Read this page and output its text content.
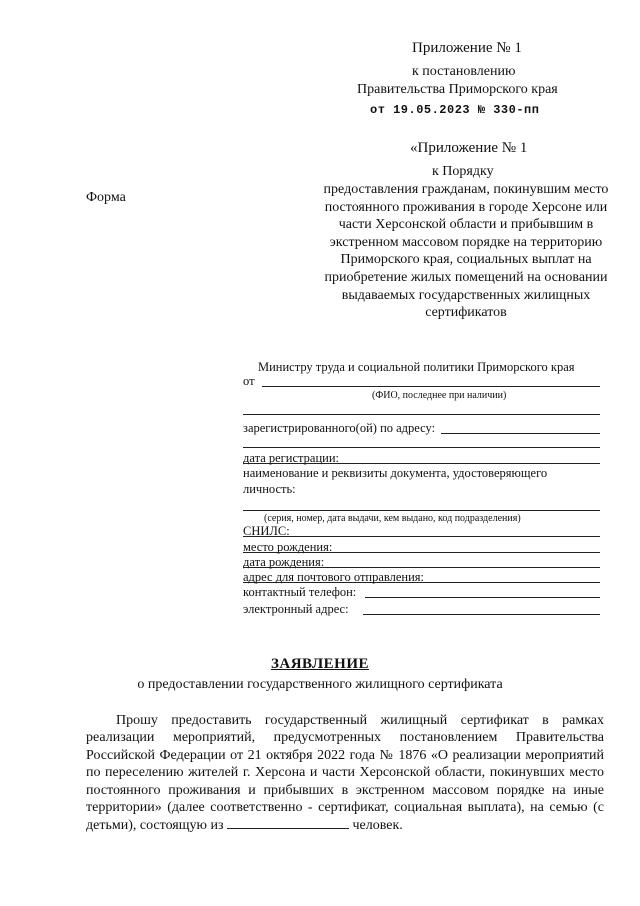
Приложение № 1
к постановлению
Правительства Приморского края
от 19.05.2023 № 330-пп
«Приложение № 1
к Порядку
Форма
предоставления гражданам, покинувшим место постоянного проживания в городе Херсоне или части Херсонской области и прибывшим в экстренном массовом порядке на территорию Приморского края, социальных выплат на приобретение жилых помещений на основании выдаваемых государственных жилищных сертификатов
Министру труда и социальной политики Приморского края
от
(ФИО, последнее при наличии)
зарегистрированного(ой) по адресу:
дата регистрации:
наименование и реквизиты документа, удостоверяющего
личность:
(серия, номер, дата выдачи, кем выдано, код подразделения)
СНИЛС:
место рождения:
дата рождения:
адрес для почтового отправления:
контактный телефон:
электронный адрес:
ЗАЯВЛЕНИЕ
о предоставлении государственного жилищного сертификата
Прошу предоставить государственный жилищный сертификат в рамках реализации мероприятий, предусмотренных постановлением Правительства Российской Федерации от 21 октября 2022 года № 1876 «О реализации мероприятий по переселению жителей г. Херсона и части Херсонской области, покинувших место постоянного проживания и прибывших в экстренном массовом порядке на иные территории» (далее соответственно - сертификат, социальная выплата), на семью (с детьми), состоящую из	человек.
